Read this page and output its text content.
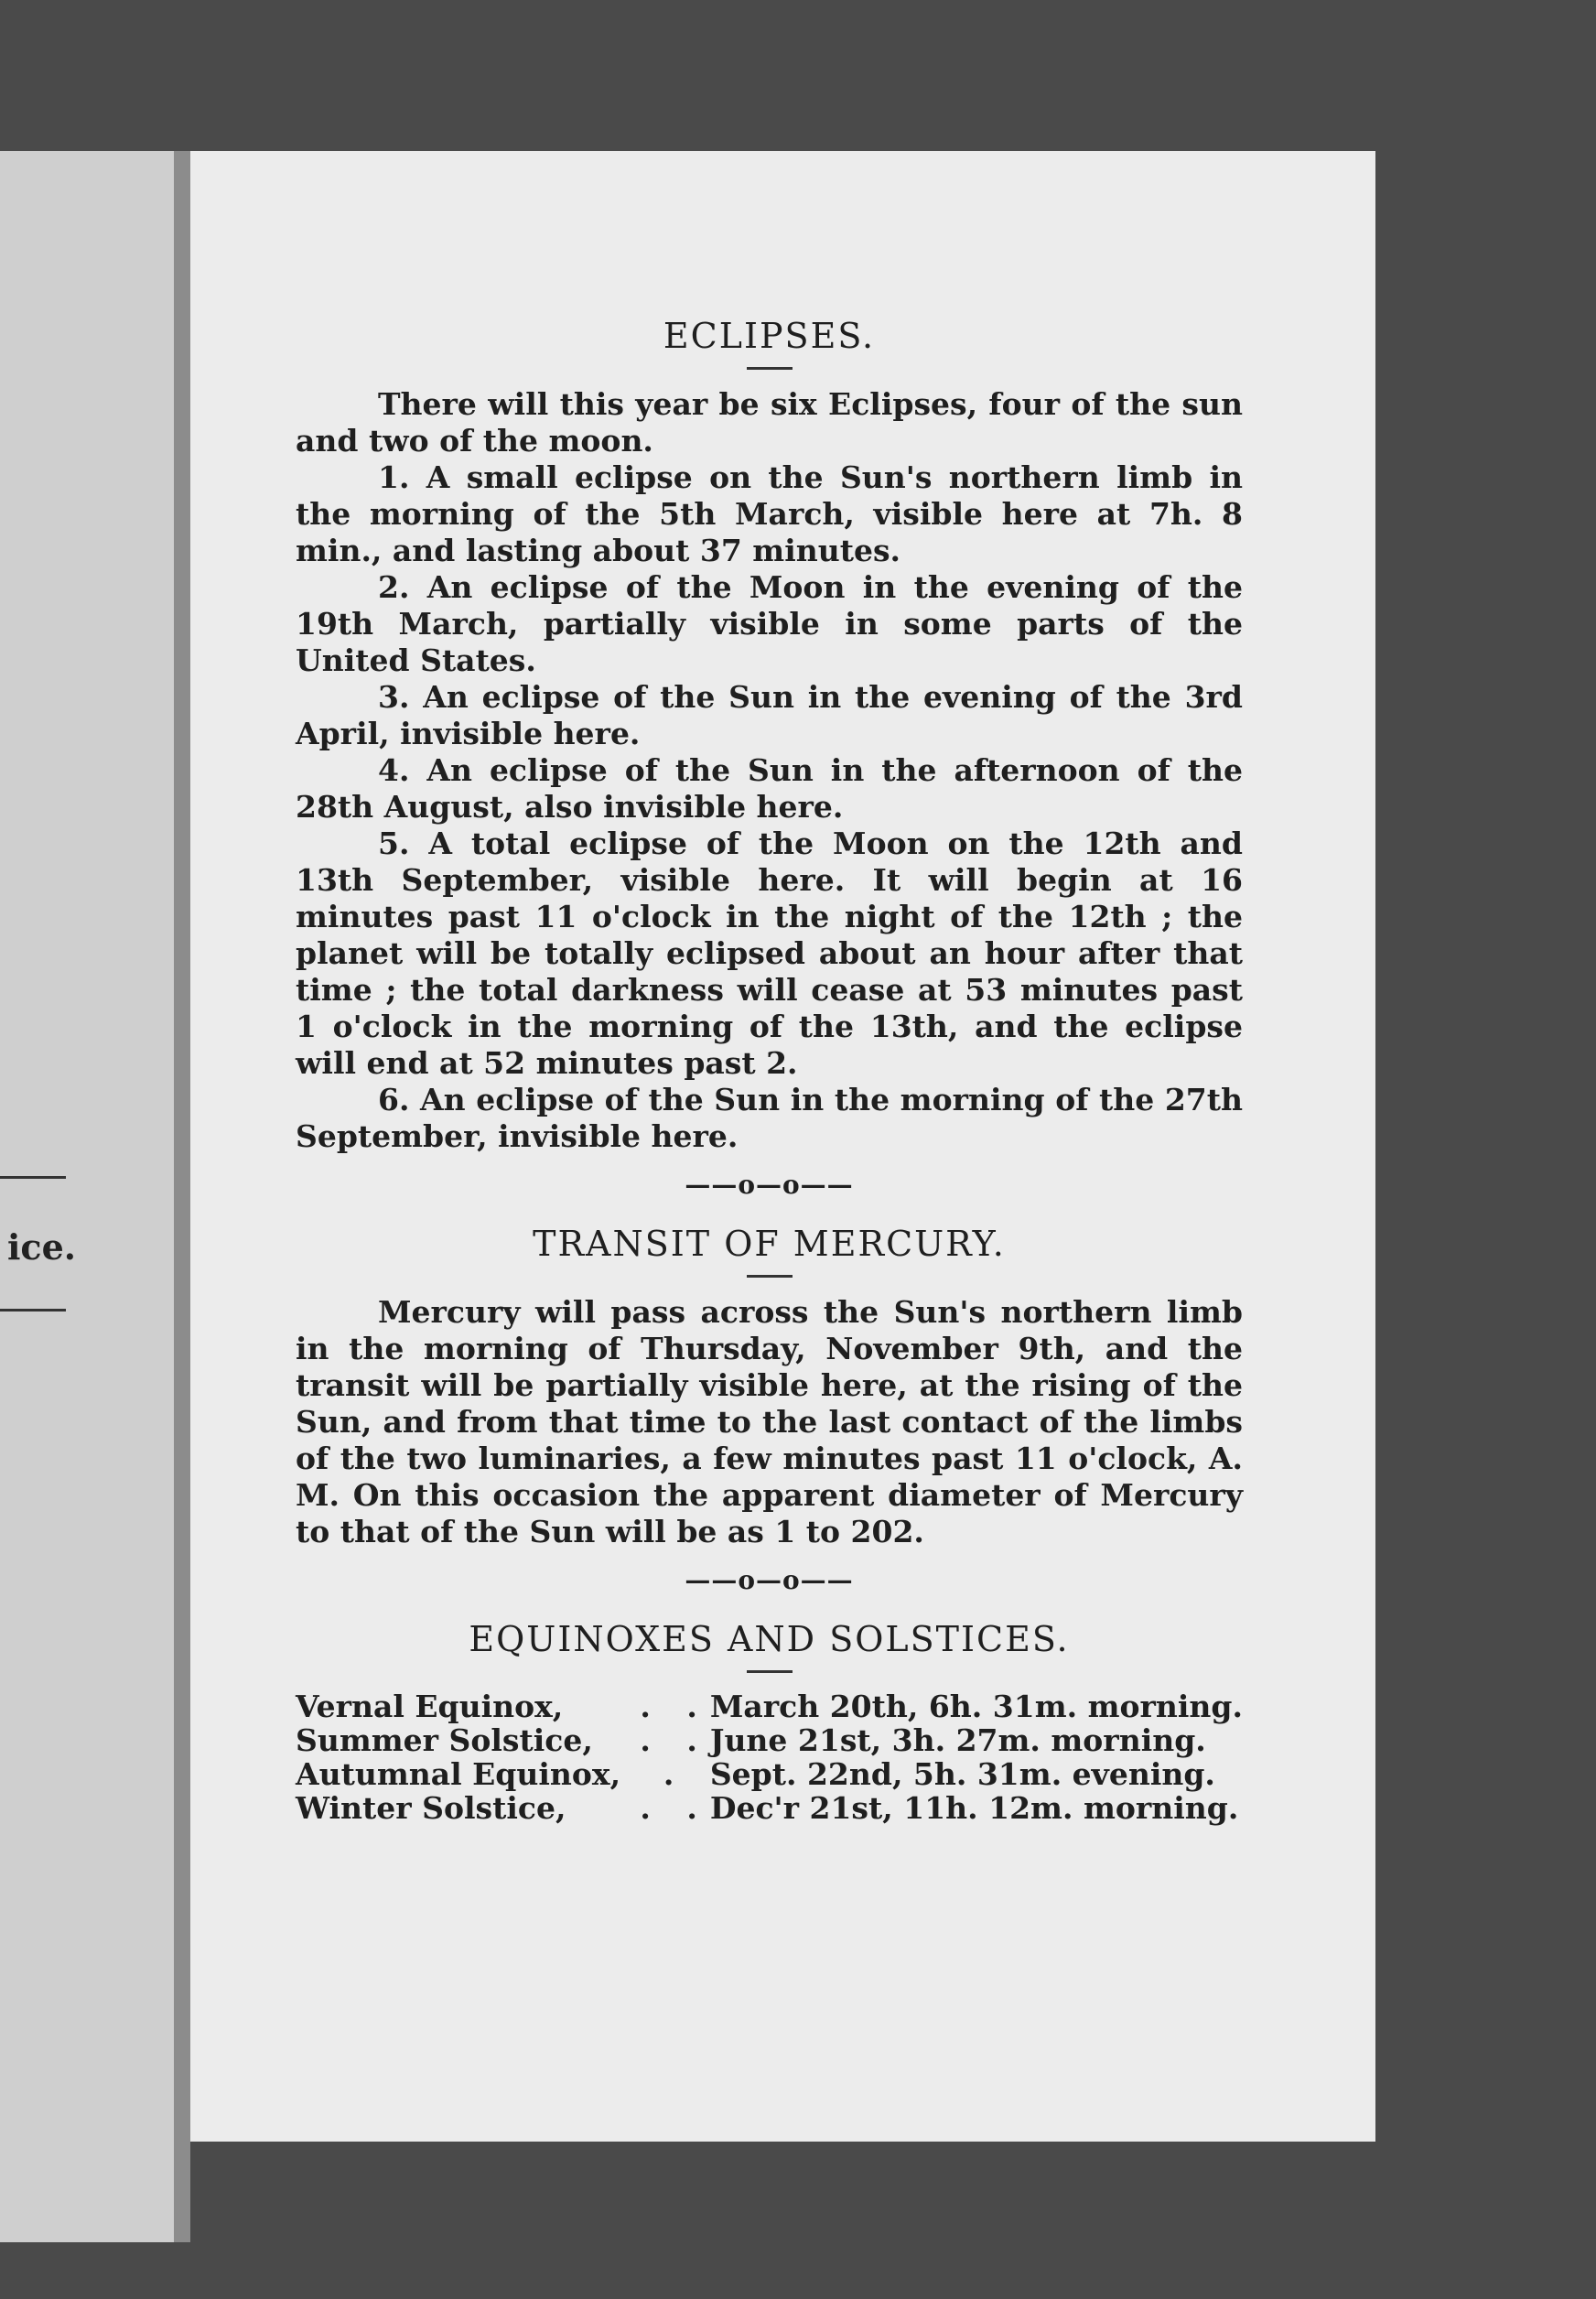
ice.
ECLIPSES.

There will this year be six Eclipses, four of the sun and two of the moon.

1. A small eclipse on the Sun's northern limb in the morning of the 5th March, visible here at 7h. 8 min., and lasting about 37 minutes.

2. An eclipse of the Moon in the evening of the 19th March, partially visible in some parts of the United States.

3. An eclipse of the Sun in the evening of the 3rd April, invisible here.

4. An eclipse of the Sun in the afternoon of the 28th August, also invisible here.

5. A total eclipse of the Moon on the 12th and 13th September, visible here. It will begin at 16 minutes past 11 o'clock in the night of the 12th ; the planet will be totally eclipsed about an hour after that time ; the total darkness will cease at 53 minutes past 1 o'clock in the morning of the 13th, and the eclipse will end at 52 minutes past 2.

6. An eclipse of the Sun in the morning of the 27th September, invisible here.

——o—o——
TRANSIT OF MERCURY.

Mercury will pass across the Sun's northern limb in the morning of Thursday, November 9th, and the transit will be partially visible here, at the rising of the Sun, and from that time to the last contact of the limbs of the two luminaries, a few minutes past 11 o'clock, A. M. On this occasion the apparent diameter of Mercury to that of the Sun will be as 1 to 202.

——o—o——
EQUINOXES AND SOLSTICES.
Vernal Equinox,	. .	March 20th, 6h. 31m. morning.
Summer Solstice,	. .	June 21st, 3h. 27m. morning.
Autumnal Equinox,	.	Sept. 22nd, 5h. 31m. evening.
Winter Solstice,	. .	Dec'r 21st, 11h. 12m. morning.
